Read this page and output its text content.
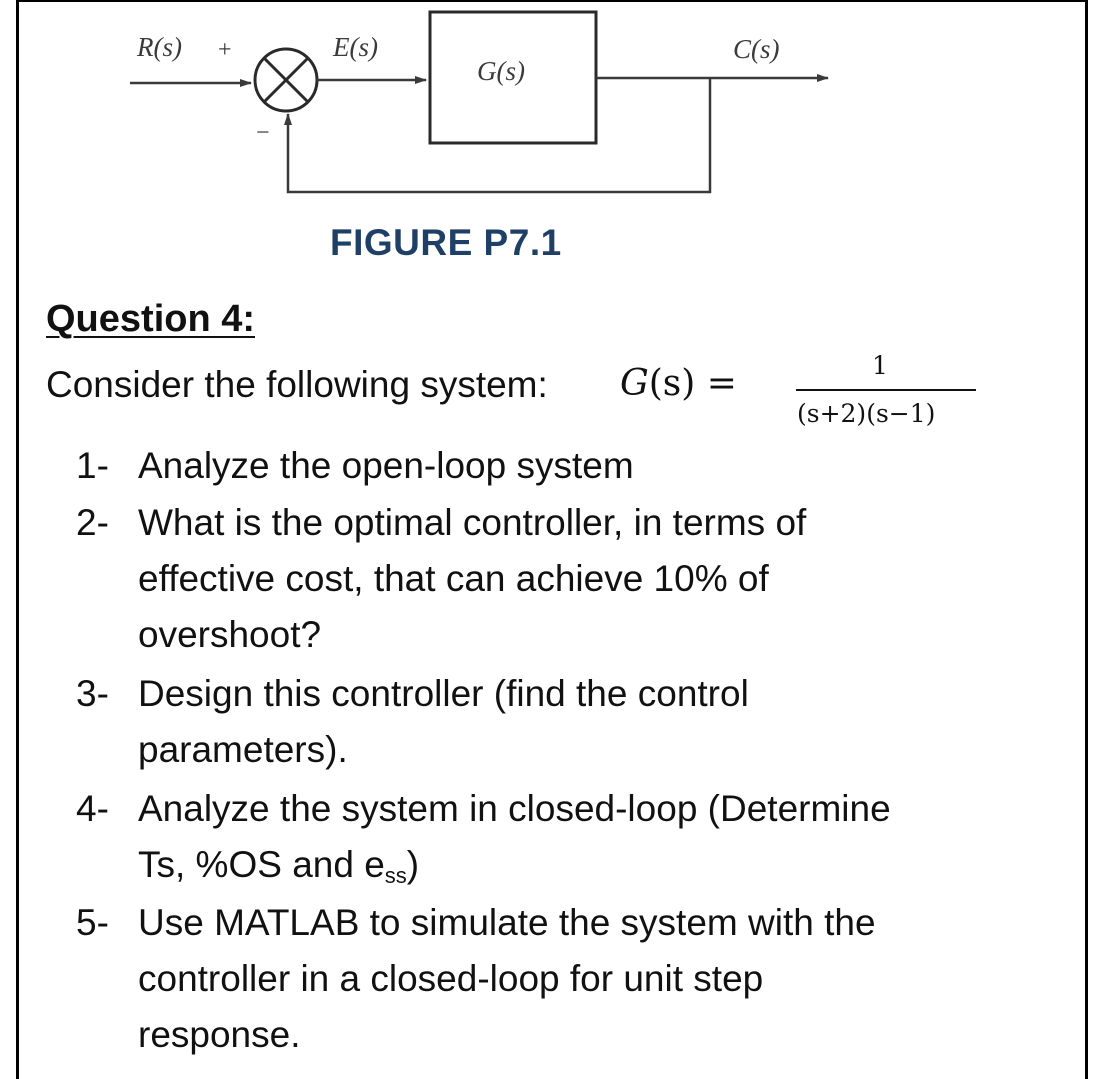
R(s) +
−
E(s)
G(s)
C(s)
FIGURE P7.1
Question 4:
Consider the following system: G(s) =	1
(s+2)(s−1)
1- Analyze the open-loop system
2- What is the optimal controller, in terms of
effective cost, that can achieve 10% of
overshoot?
3- Design this controller (find the control
parameters).
4- Analyze the system in closed-loop (Determine
Ts, %OS and $e_{ss}$)
5- Use MATLAB to simulate the system with the
controller in a closed-loop for unit step
response.
